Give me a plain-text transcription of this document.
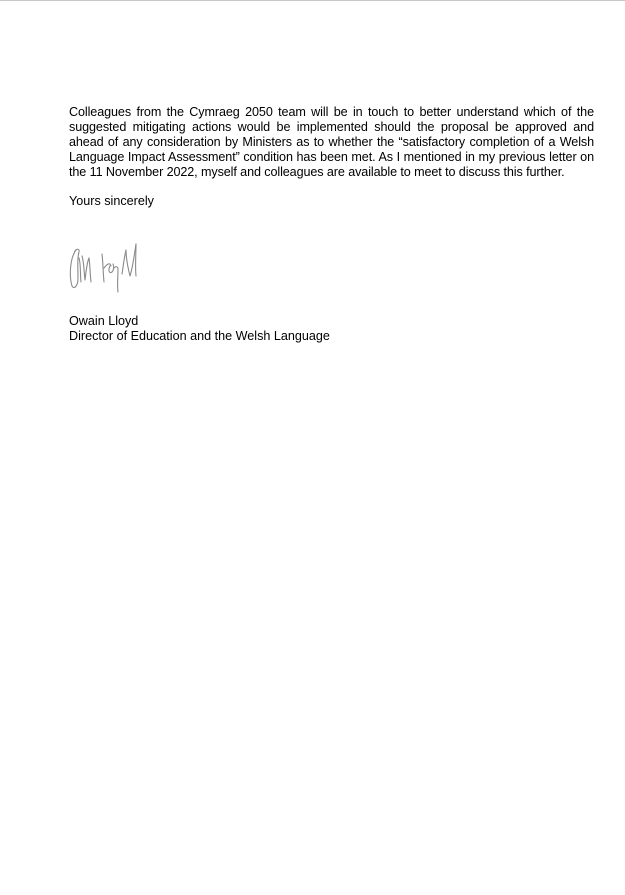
Colleagues from the Cymraeg 2050 team will be in touch to better understand which of the suggested mitigating actions would be implemented should the proposal be approved and ahead of any consideration by Ministers as to whether the “satisfactory completion of a Welsh Language Impact Assessment” condition has been met. As I mentioned in my previous letter on the 11 November 2022, myself and colleagues are available to meet to discuss this further.

Yours sincerely

Owain Lloyd
Director of Education and the Welsh Language
